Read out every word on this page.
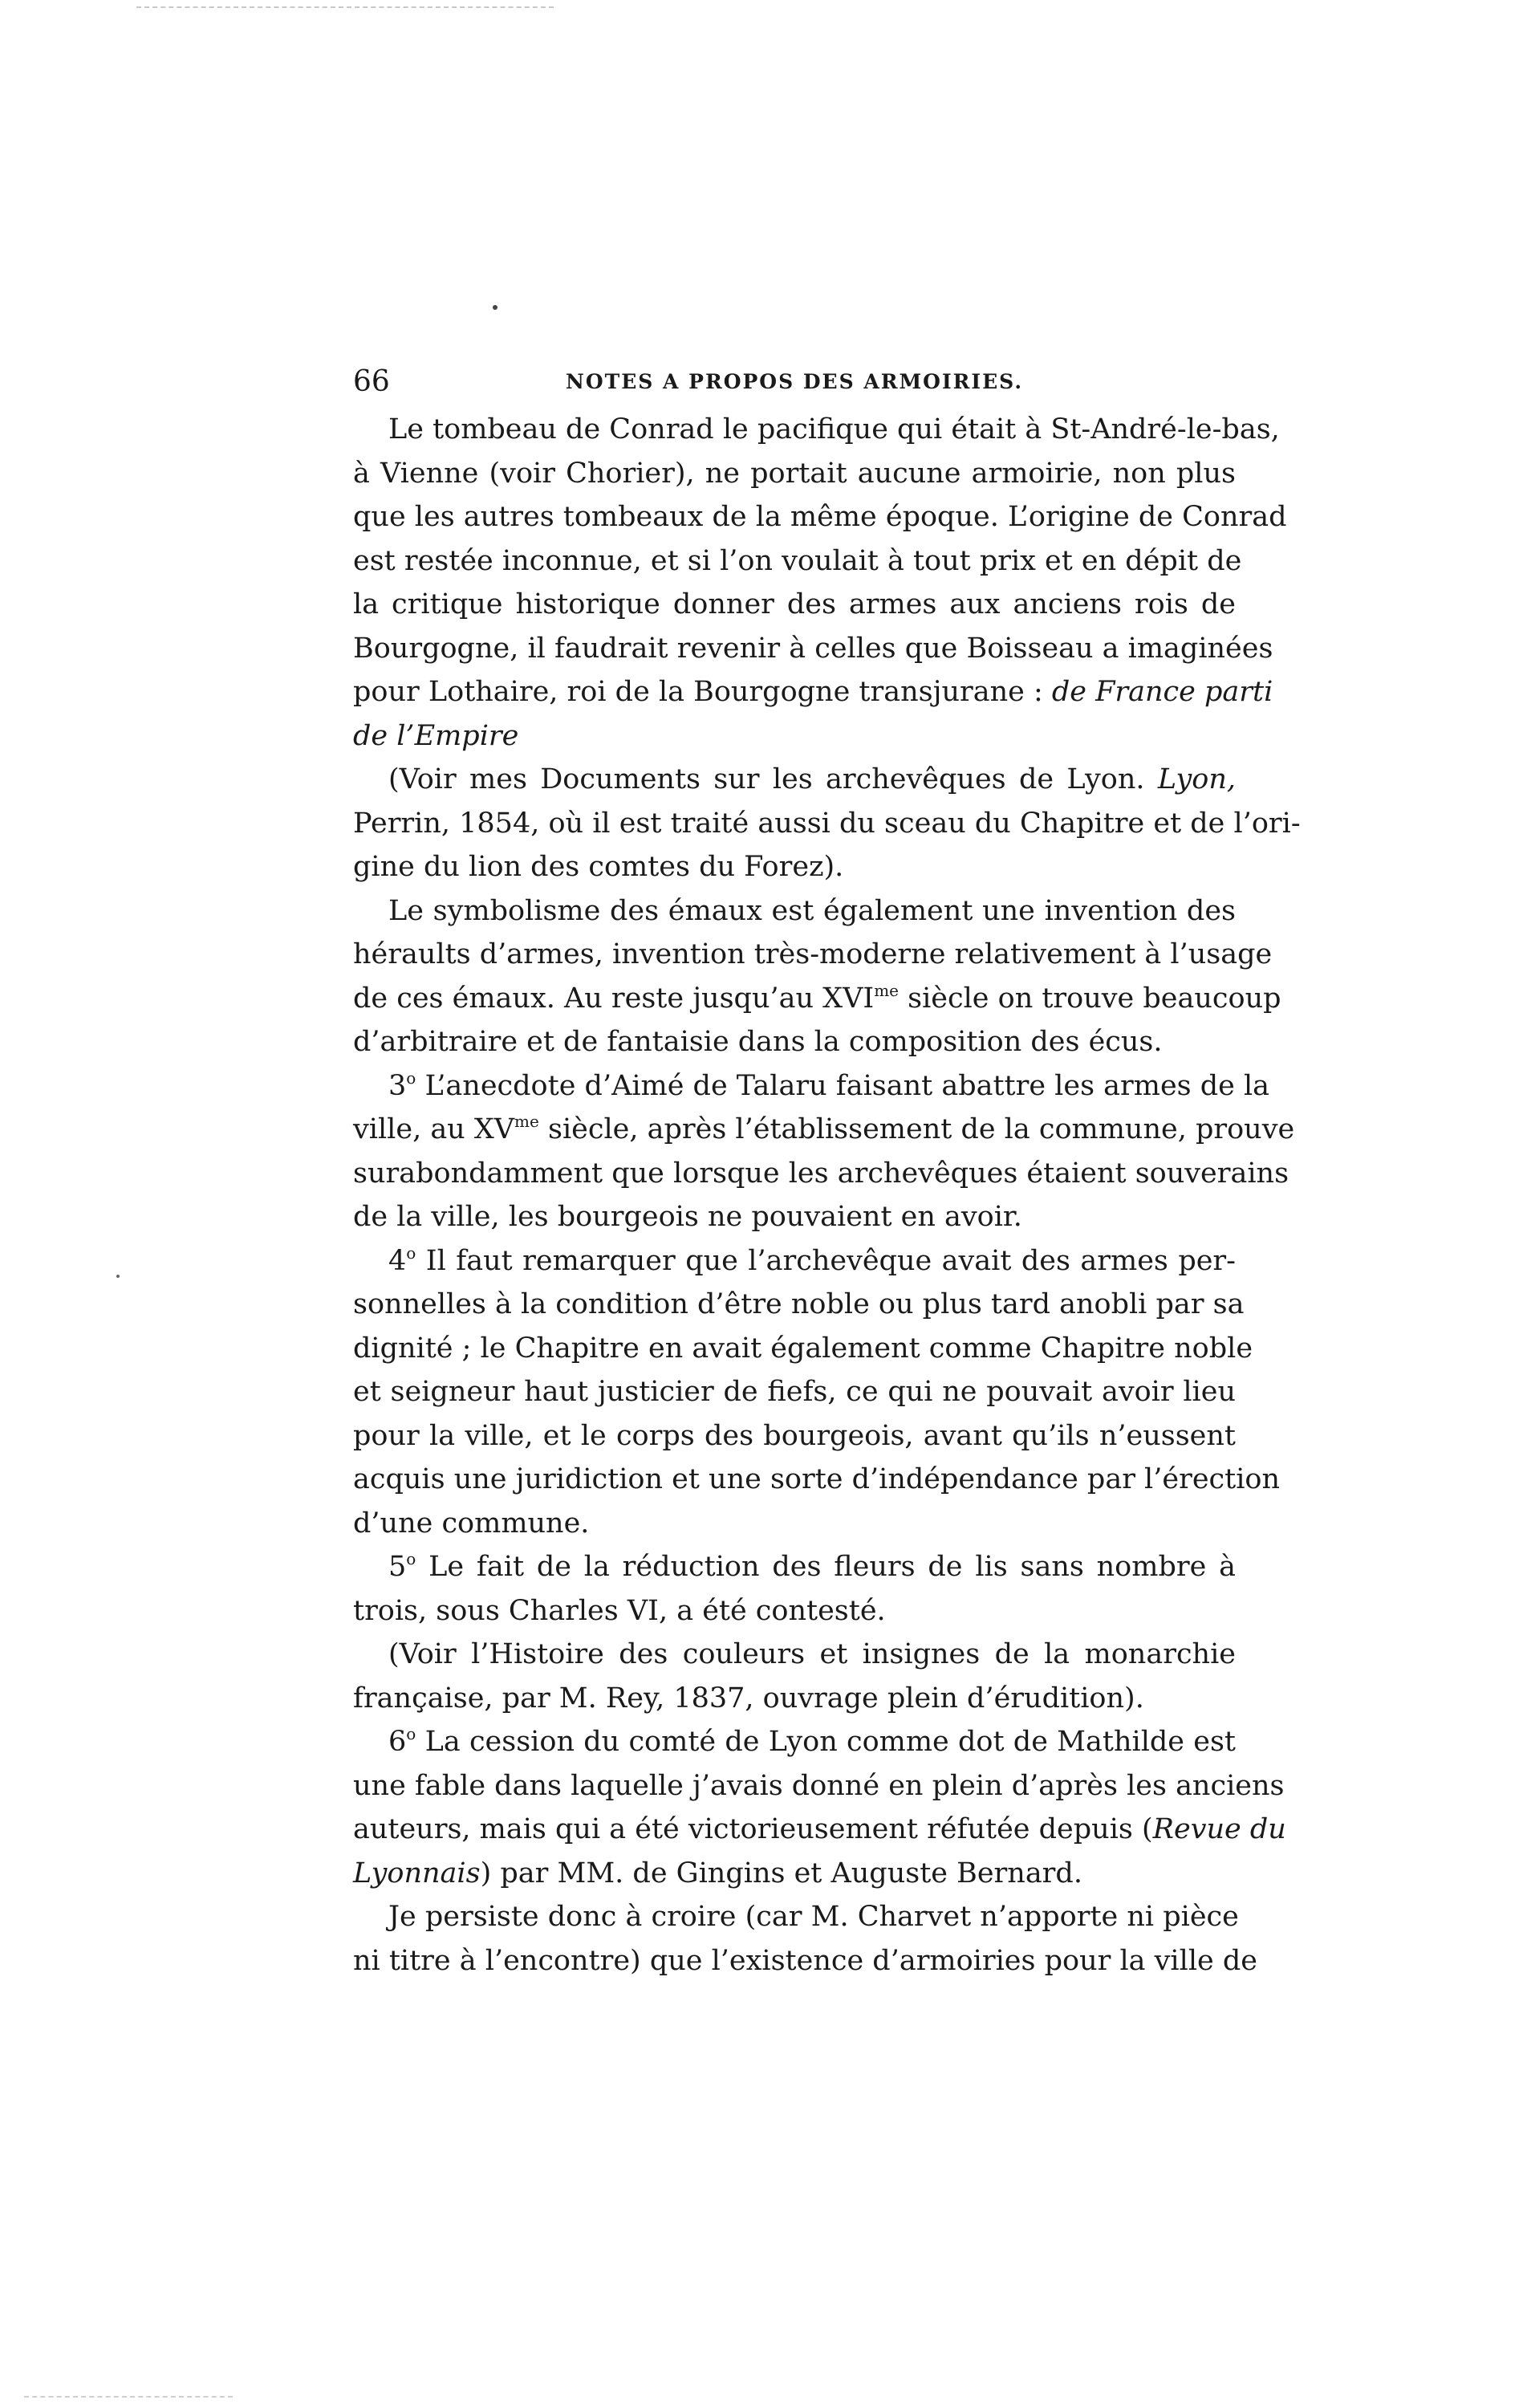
66	NOTES A PROPOS DES ARMOIRIES.
Le tombeau de Conrad le pacifique qui était à St-André-le-bas,
à Vienne (voir Chorier), ne portait aucune armoirie, non plus
que les autres tombeaux de la même époque. L’origine de Conrad
est restée inconnue, et si l’on voulait à tout prix et en dépit de
la critique historique donner des armes aux anciens rois de
Bourgogne, il faudrait revenir à celles que Boisseau a imaginées
pour Lothaire, roi de la Bourgogne transjurane : de France parti
de l’Empire
(Voir mes Documents sur les archevêques de Lyon. Lyon,
Perrin, 1854, où il est traité aussi du sceau du Chapitre et de l’ori-
gine du lion des comtes du Forez).
Le symbolisme des émaux est également une invention des
héraults d’armes, invention très-moderne relativement à l’usage
de ces émaux. Au reste jusqu’au $XVI^{me}$ siècle on trouve beaucoup
d’arbitraire et de fantaisie dans la composition des écus.
3$^o$ L’anecdote d’Aimé de Talaru faisant abattre les armes de la
ville, au $XV^{me}$ siècle, après l’établissement de la commune, prouve
surabondamment que lorsque les archevêques étaient souverains
de la ville, les bourgeois ne pouvaient en avoir.
4$^o$ Il faut remarquer que l’archevêque avait des armes per-
sonnelles à la condition d’être noble ou plus tard anobli par sa
dignité ; le Chapitre en avait également comme Chapitre noble
et seigneur haut justicier de fiefs, ce qui ne pouvait avoir lieu
pour la ville, et le corps des bourgeois, avant qu’ils n’eussent
acquis une juridiction et une sorte d’indépendance par l’érection
d’une commune.
5$^o$ Le fait de la réduction des fleurs de lis sans nombre à
trois, sous Charles VI, a été contesté.
(Voir l’Histoire des couleurs et insignes de la monarchie
française, par M. Rey, 1837, ouvrage plein d’érudition).
6$^o$ La cession du comté de Lyon comme dot de Mathilde est
une fable dans laquelle j’avais donné en plein d’après les anciens
auteurs, mais qui a été victorieusement réfutée depuis (Revue du
Lyonnais) par MM. de Gingins et Auguste Bernard.
Je persiste donc à croire (car M. Charvet n’apporte ni pièce
ni titre à l’encontre) que l’existence d’armoiries pour la ville de
